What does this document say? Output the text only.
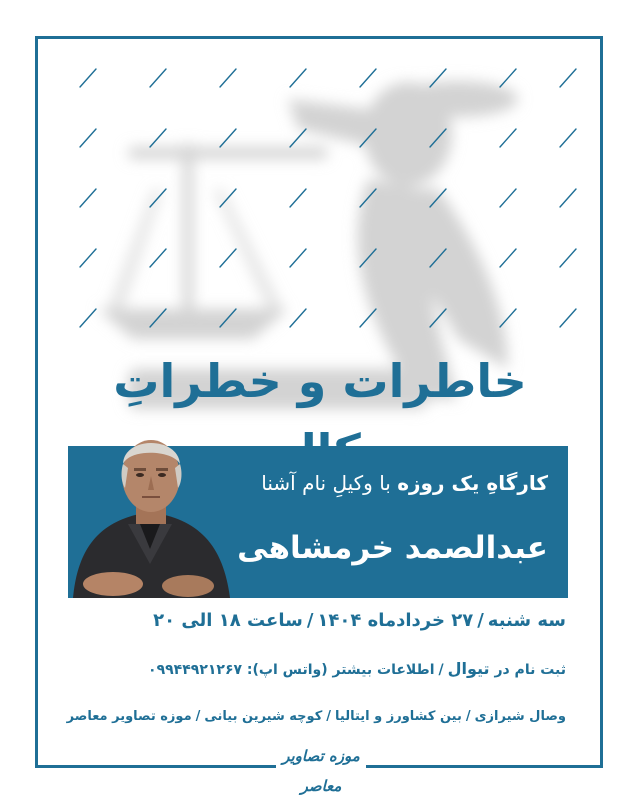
خاطرات و خطراتِ
کارگاهِ یک روزه با وکیلِ نام آشنا
عبدالصمد خرمشاهی
سه شنبه/۲۷ خردادماه ۱۴۰۴/ساعت ۱۸ الی ۲۰
ثبت نام در تیوال/اطلاعات بیشتر (واتس اپ): ۰۹۹۴۴۹۲۱۲۶۷
وصال شیرازی/بین کشاورز و ایتالیا/کوچه شیرین بیانی/موزه تصاویر معاصر
موزه تصاویر معاصر
